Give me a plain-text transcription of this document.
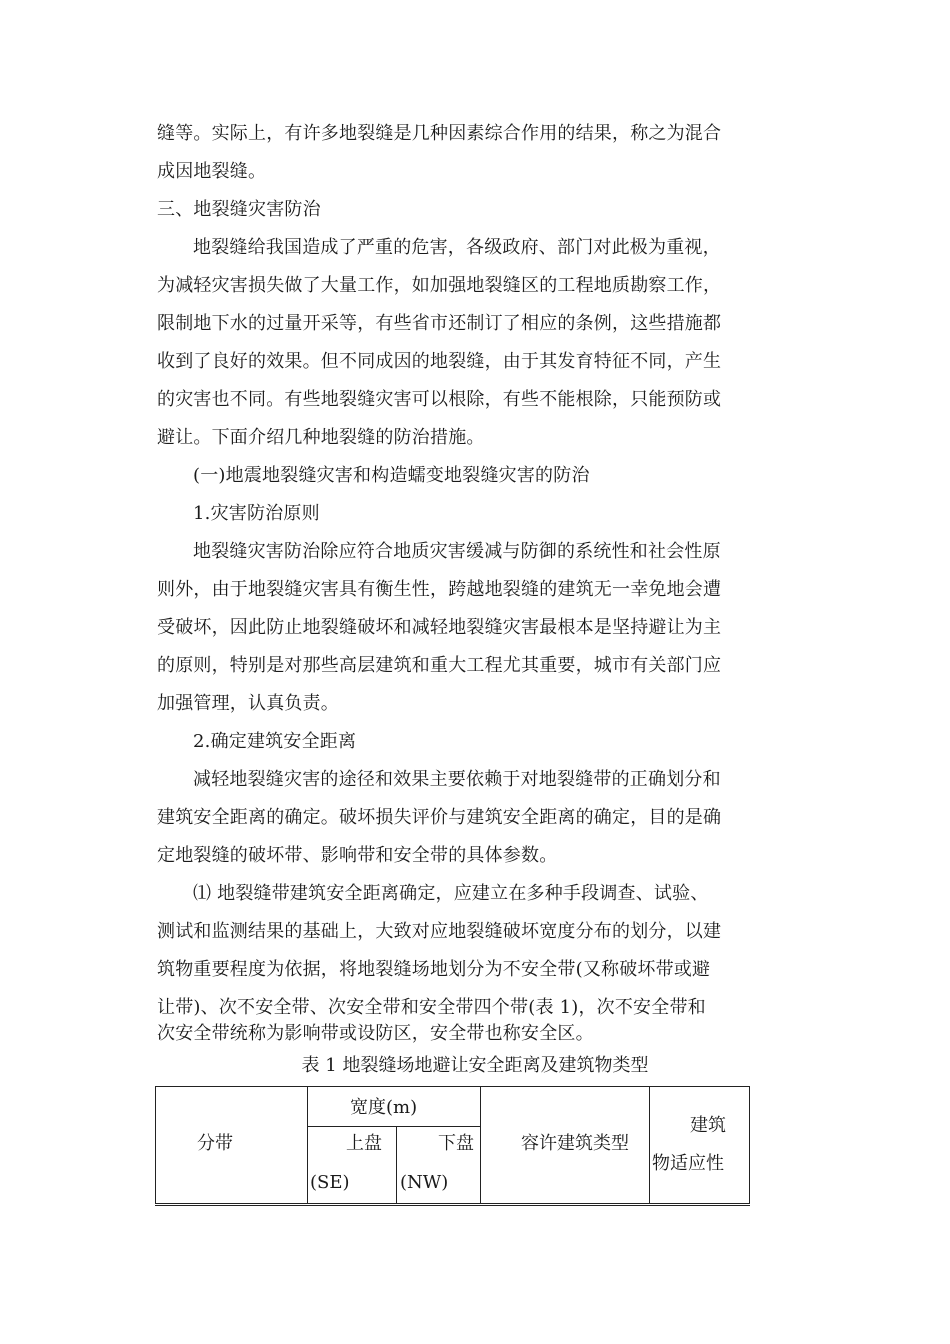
缝等。实际上，有许多地裂缝是几种因素综合作用的结果，称之为混合
成因地裂缝。
三、地裂缝灾害防治
地裂缝给我国造成了严重的危害，各级政府、部门对此极为重视，
为减轻灾害损失做了大量工作，如加强地裂缝区的工程地质勘察工作，
限制地下水的过量开采等，有些省市还制订了相应的条例，这些措施都
收到了良好的效果。但不同成因的地裂缝，由于其发育特征不同，产生
的灾害也不同。有些地裂缝灾害可以根除，有些不能根除，只能预防或
避让。下面介绍几种地裂缝的防治措施。
(一)地震地裂缝灾害和构造蠕变地裂缝灾害的防治
1.灾害防治原则
地裂缝灾害防治除应符合地质灾害缓减与防御的系统性和社会性原
则外，由于地裂缝灾害具有衡生性，跨越地裂缝的建筑无一幸免地会遭
受破坏，因此防止地裂缝破坏和减轻地裂缝灾害最根本是坚持避让为主
的原则，特别是对那些高层建筑和重大工程尤其重要，城市有关部门应
加强管理，认真负责。
2.确定建筑安全距离
减轻地裂缝灾害的途径和效果主要依赖于对地裂缝带的正确划分和
建筑安全距离的确定。破坏损失评价与建筑安全距离的确定，目的是确
定地裂缝的破坏带、影响带和安全带的具体参数。
⑴ 地裂缝带建筑安全距离确定，应建立在多种手段调查、试验、
测试和监测结果的基础上，大致对应地裂缝破坏宽度分布的划分，以建
筑物重要程度为依据，将地裂缝场地划分为不安全带(又称破坏带或避
让带)、次不安全带、次安全带和安全带四个带(表 1)，次不安全带和
次安全带统称为影响带或设防区，安全带也称安全区。
表 1 地裂缝场地避让安全距离及建筑物类型
分带
宽度(m)
上盘
(SE)
下盘
(NW)
容许建筑类型
建筑
物适应性
